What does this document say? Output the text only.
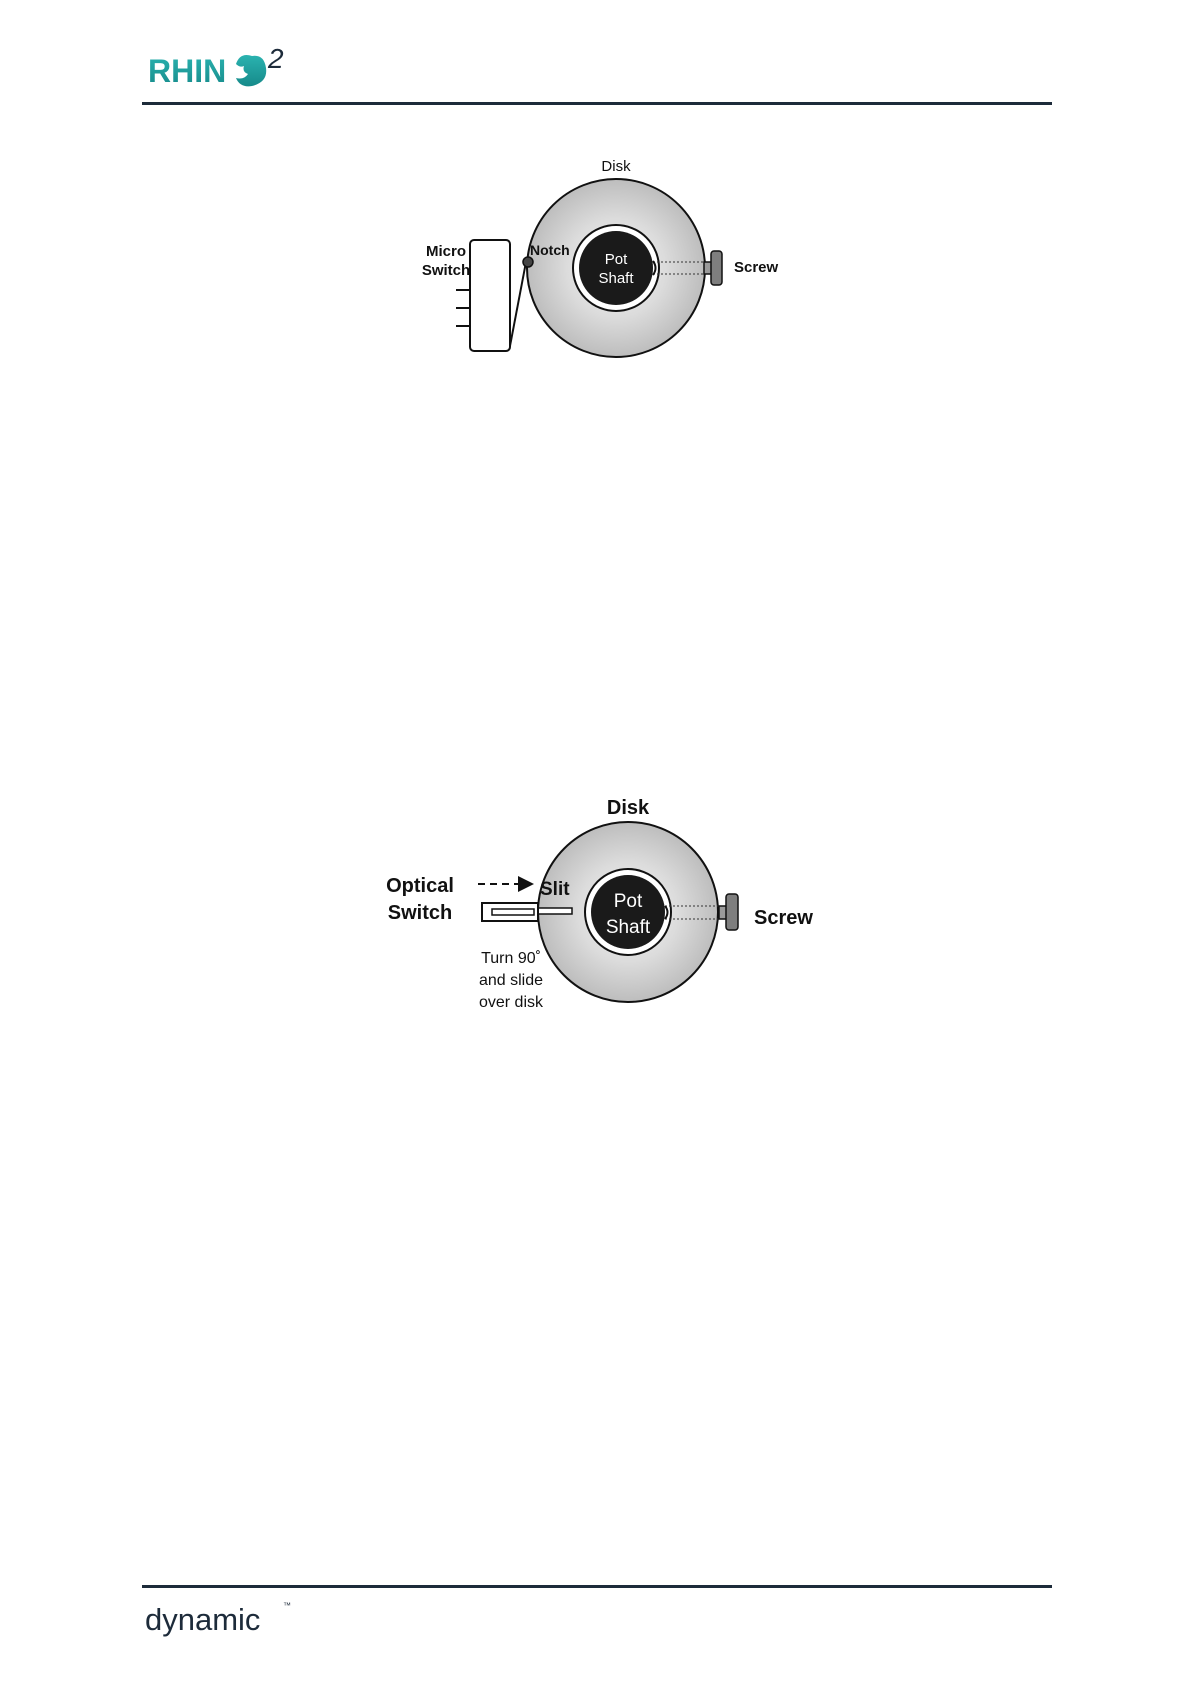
RHIN 2
Pot
Shaft
Disk
Micro
Switch
Notch
Screw
Pot
Shaft
Disk
Optical
Switch
Slit
Screw
Turn 90˚
and slide
over disk
dynamic	™
